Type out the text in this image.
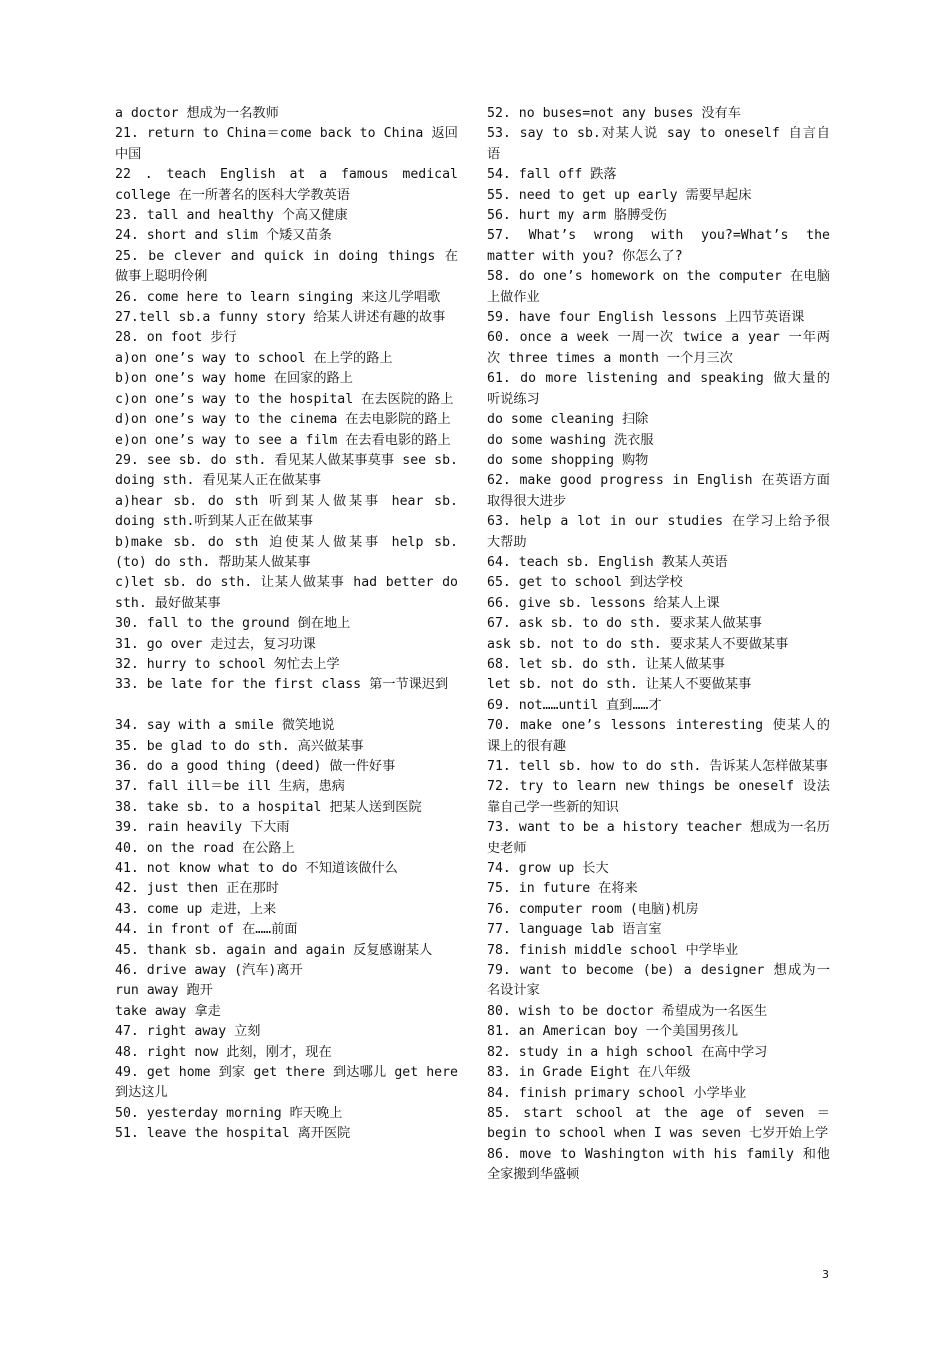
a doctor 想成为一名教师

21. return to China＝come back to China 返回中国

22 . teach English at a famous medical college 在一所著名的医科大学教英语

23. tall and healthy 个高又健康

24. short and slim 个矮又苗条

25. be clever and quick in doing things 在做事上聪明伶俐

26. come here to learn singing 来这儿学唱歌

27.tell sb.a funny story 给某人讲述有趣的故事

28. on foot 步行

a)on one’s way to school 在上学的路上

b)on one’s way home 在回家的路上

c)on one’s way to the hospital 在去医院的路上

d)on one’s way to the cinema 在去电影院的路上

e)on one’s way to see a film 在去看电影的路上

29. see sb. do sth. 看见某人做某事莫事 see sb. doing sth. 看见某人正在做某事

a)hear sb. do sth 听到某人做某事 hear sb. doing sth.听到某人正在做某事

b)make sb. do sth 迫使某人做某事 help sb. (to) do sth. 帮助某人做某事

c)let sb. do sth. 让某人做某事 had better do sth. 最好做某事

30. fall to the ground 倒在地上

31. go over 走过去，复习功课

32. hurry to school 匆忙去上学

33. be late for the first class 第一节课迟到

34. say with a smile 微笑地说

35. be glad to do sth. 高兴做某事

36. do a good thing (deed) 做一件好事

37. fall ill＝be ill 生病，患病

38. take sb. to a hospital 把某人送到医院

39. rain heavily 下大雨

40. on the road 在公路上

41. not know what to do 不知道该做什么

42. just then 正在那时

43. come up 走进，上来

44. in front of 在……前面

45. thank sb. again and again 反复感谢某人

46. drive away (汽车)离开

run away 跑开

take away 拿走

47. right away 立刻

48. right now 此刻，刚才，现在

49. get home 到家 get there 到达哪儿 get here 到达这儿

50. yesterday morning 昨天晚上

51. leave the hospital 离开医院

52. no buses=not any buses 没有车

53. say to sb.对某人说 say to oneself 自言自语

54. fall off 跌落

55. need to get up early 需要早起床

56. hurt my arm 胳膊受伤

57. What’s wrong with you?=What’s the matter with you? 你怎么了?

58. do one’s homework on the computer 在电脑上做作业

59. have four English lessons 上四节英语课

60. once a week 一周一次 twice a year 一年两次 three times a month 一个月三次

61. do more listening and speaking 做大量的听说练习

do some cleaning 扫除

do some washing 洗衣服

do some shopping 购物

62. make good progress in English 在英语方面取得很大进步

63. help a lot in our studies 在学习上给予很大帮助

64. teach sb. English 教某人英语

65. get to school 到达学校

66. give sb. lessons 给某人上课

67. ask sb. to do sth. 要求某人做某事

ask sb. not to do sth. 要求某人不要做某事

68. let sb. do sth. 让某人做某事

let sb. not do sth. 让某人不要做某事

69. not……until 直到……才

70. make one’s lessons interesting 使某人的课上的很有趣

71. tell sb. how to do sth. 告诉某人怎样做某事

72. try to learn new things be oneself 设法靠自己学一些新的知识

73. want to be a history teacher 想成为一名历史老师

74. grow up 长大

75. in future 在将来

76. computer room (电脑)机房

77. language lab 语言室

78. finish middle school 中学毕业

79. want to become (be) a designer 想成为一名设计家

80. wish to be doctor 希望成为一名医生

81. an American boy 一个美国男孩儿

82. study in a high school 在高中学习

83. in Grade Eight 在八年级

84. finish primary school 小学毕业

85. start school at the age of seven ＝begin to school when I was seven 七岁开始上学

86. move to Washington with his family 和他全家搬到华盛顿

3
